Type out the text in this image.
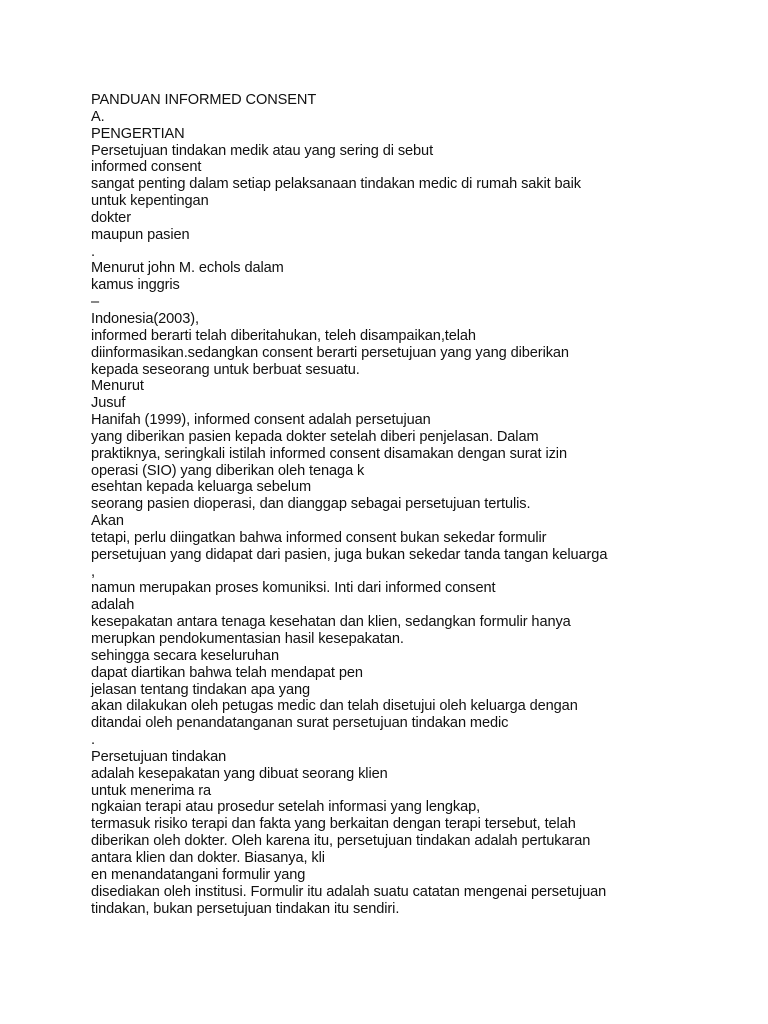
PANDUAN INFORMED CONSENT
A.
PENGERTIAN
Persetujuan tindakan medik atau yang sering di sebut
informed consent
sangat penting dalam setiap pelaksanaan tindakan medic di rumah sakit baik
untuk kepentingan
dokter
maupun pasien
.
Menurut john M. echols dalam
kamus inggris
–
Indonesia(2003),
informed berarti telah diberitahukan, teleh disampaikan,telah
diinformasikan.sedangkan consent berarti persetujuan yang yang diberikan
kepada seseorang untuk berbuat sesuatu.
Menurut
Jusuf
Hanifah (1999), informed consent adalah persetujuan
yang diberikan pasien kepada dokter setelah diberi penjelasan. Dalam
praktiknya, seringkali istilah informed consent disamakan dengan surat izin
operasi (SIO) yang diberikan oleh tenaga k
esehtan kepada keluarga sebelum
seorang pasien dioperasi, dan dianggap sebagai persetujuan tertulis.
Akan
tetapi, perlu diingatkan bahwa informed consent bukan sekedar formulir
persetujuan yang didapat dari pasien, juga bukan sekedar tanda tangan keluarga
,
namun merupakan proses komuniksi. Inti dari informed consent
adalah
kesepakatan antara tenaga kesehatan dan klien, sedangkan formulir hanya
merupkan pendokumentasian hasil kesepakatan.
sehingga secara keseluruhan
dapat diartikan bahwa telah mendapat pen
jelasan tentang tindakan apa yang
akan dilakukan oleh petugas medic dan telah disetujui oleh keluarga dengan
ditandai oleh penandatanganan surat persetujuan tindakan medic
.
Persetujuan tindakan
adalah kesepakatan yang dibuat seorang klien
untuk menerima ra
ngkaian terapi atau prosedur setelah informasi yang lengkap,
termasuk risiko terapi dan fakta yang berkaitan dengan terapi tersebut, telah
diberikan oleh dokter. Oleh karena itu, persetujuan tindakan adalah pertukaran
antara klien dan dokter. Biasanya, kli
en menandatangani formulir yang
disediakan oleh institusi. Formulir itu adalah suatu catatan mengenai persetujuan
tindakan, bukan persetujuan tindakan itu sendiri.
